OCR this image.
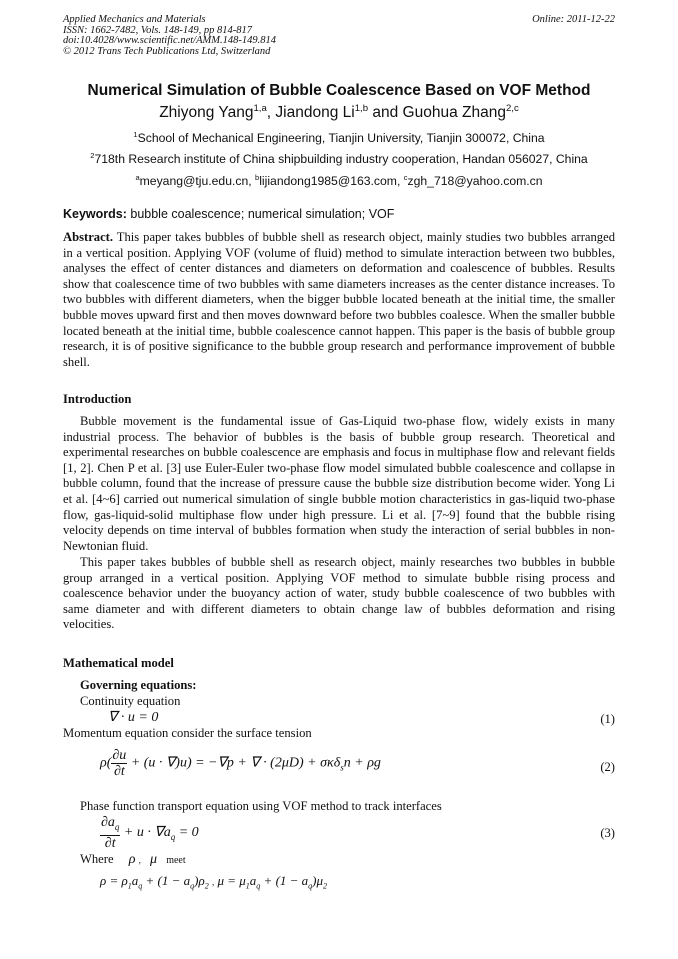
Applied Mechanics and Materials
ISSN: 1662-7482, Vols. 148-149, pp 814-817
doi:10.4028/www.scientific.net/AMM.148-149.814
© 2012 Trans Tech Publications Ltd, Switzerland
Online: 2011-12-22
Numerical Simulation of Bubble Coalescence Based on VOF Method
Zhiyong Yang$^{1,a}$, Jiandong Li$^{1,b}$ and Guohua Zhang$^{2,c}$
$^1$School of Mechanical Engineering, Tianjin University, Tianjin 300072, China
$^2$718th Research institute of China shipbuilding industry cooperation, Handan 056027, China
$^a$meyang@tju.edu.cn, $^b$lijiandong1985@163.com, $^c$zgh_718@yahoo.com.cn
Keywords: bubble coalescence; numerical simulation; VOF
Abstract. This paper takes bubbles of bubble shell as research object, mainly studies two bubbles arranged in a vertical position. Applying VOF (volume of fluid) method to simulate interaction between two bubbles, analyses the effect of center distances and diameters on deformation and coalescence of bubbles. Results show that coalescence time of two bubbles with same diameters increases as the center distance increases. To two bubbles with different diameters, when the bigger bubble located beneath at the initial time, the smaller bubble moves upward first and then moves downward before two bubbles coalesce. When the smaller bubble located beneath at the initial time, bubble coalescence cannot happen. This paper is the basis of bubble group research, it is of positive significance to the bubble group research and performance improvement of bubble shell.
Introduction
Bubble movement is the fundamental issue of Gas-Liquid two-phase flow, widely exists in many industrial process. The behavior of bubbles is the basis of bubble group research. Theoretical and experimental researches on bubble coalescence are emphasis and focus in multiphase flow and relevant fields [1, 2]. Chen P et al. [3] use Euler-Euler two-phase flow model simulated bubble coalescence and collapse in bubble column, found that the increase of pressure cause the bubble size distribution become wider. Yong Li et al. [4~6] carried out numerical simulation of single bubble motion characteristics in gas-liquid two-phase flow, gas-liquid-solid multiphase flow under high pressure. Li et al. [7~9] found that the bubble rising velocity depends on time interval of bubbles formation when study the interaction of serial bubbles in non-Newtonian fluid.
This paper takes bubbles of bubble shell as research object, mainly researches two bubbles in bubble group arranged in a vertical position. Applying VOF method to simulate bubble rising process and coalescence behavior under the buoyancy action of water, study bubble coalescence of two bubbles with same diameter and with different diameters to obtain change law of bubbles deformation and rising velocities.
Mathematical model
Governing equations:
Continuity equation
∇ · u = 0	(1)
Momentum equation consider the surface tension
$\rho( \frac{\partial u}{\partial t} + (u \cdot \nabla)u) = -\nabla p$ + ∇ · (2μD) + σκδ$_s$n + ρg	(2)
Phase function transport equation using VOF method to track interfaces
$\frac{\partial a_q}{\partial t} + u \cdot \nabla a_q = 0$	(3)
Where ρ , μ meet
$\rho = \rho_1a_q + (1 - a_q)\rho_2$ , $\mu = \mu_1a_q + (1 - a_q)\mu_2$
